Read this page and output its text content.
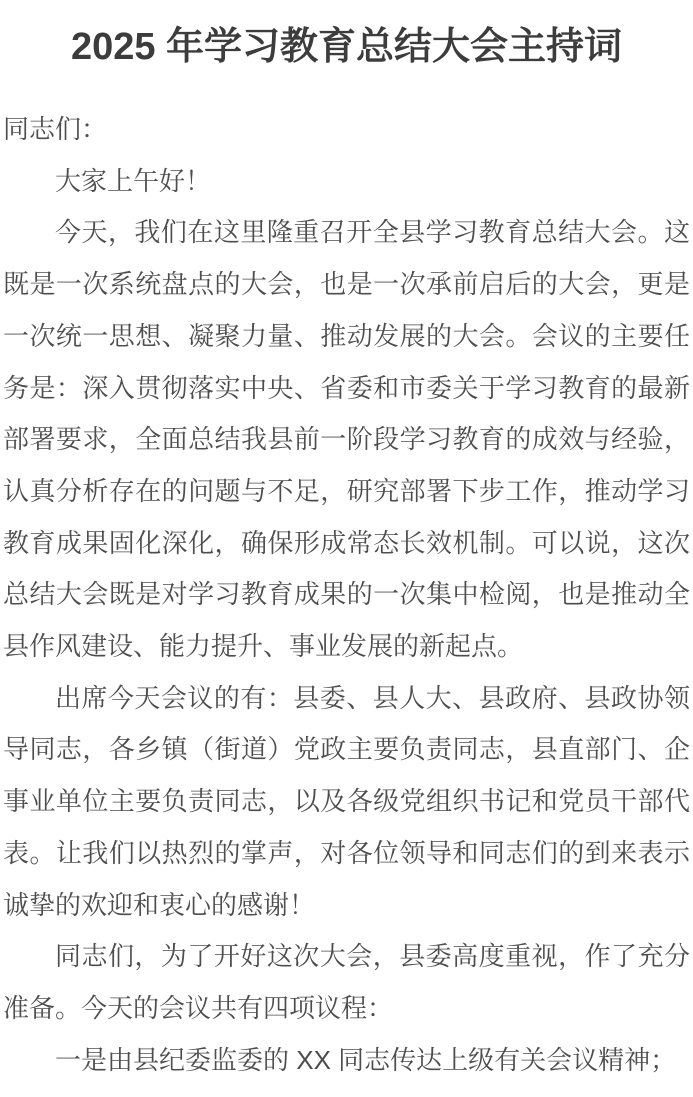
2025 年学习教育总结大会主持词

同志们：

大家上午好！

今天，我们在这里隆重召开全县学习教育总结大会。这既是一次系统盘点的大会，也是一次承前启后的大会，更是一次统一思想、凝聚力量、推动发展的大会。会议的主要任务是：深入贯彻落实中央、省委和市委关于学习教育的最新部署要求，全面总结我县前一阶段学习教育的成效与经验，认真分析存在的问题与不足，研究部署下步工作，推动学习教育成果固化深化，确保形成常态长效机制。可以说，这次总结大会既是对学习教育成果的一次集中检阅，也是推动全县作风建设、能力提升、事业发展的新起点。

出席今天会议的有：县委、县人大、县政府、县政协领导同志，各乡镇（街道）党政主要负责同志，县直部门、企事业单位主要负责同志，以及各级党组织书记和党员干部代表。让我们以热烈的掌声，对各位领导和同志们的到来表示诚挚的欢迎和衷心的感谢！

同志们，为了开好这次大会，县委高度重视，作了充分准备。今天的会议共有四项议程：

一是由县纪委监委的 XX 同志传达上级有关会议精神；
